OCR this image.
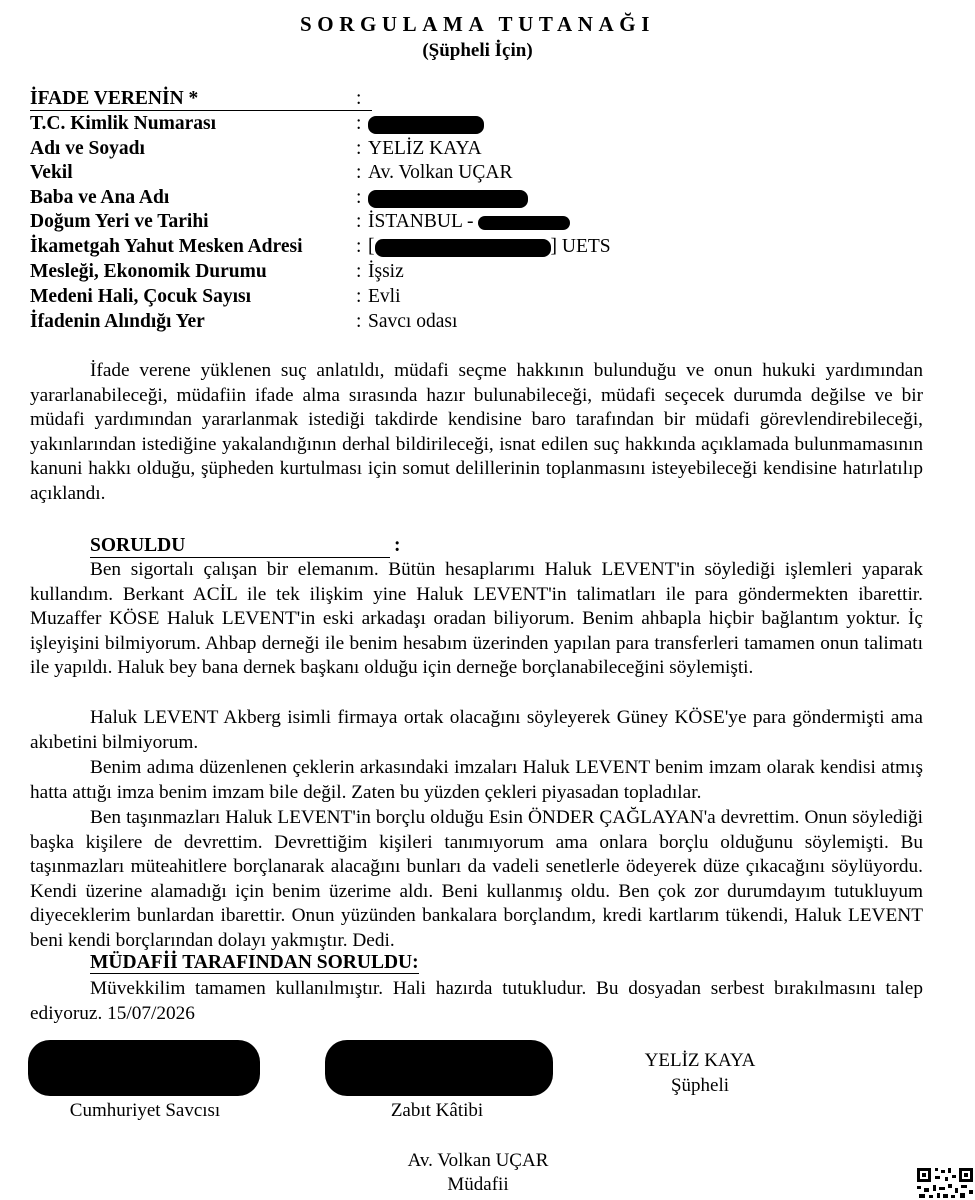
SORGULAMA TUTANAĞI
(Şüpheli İçin)
İFADE VERENİN *	:
T.C. Kimlik Numarası	:
Adı ve Soyadı	: YELİZ KAYA
Vekil	: Av. Volkan UÇAR
Baba ve Ana Adı	:
Doğum Yeri ve Tarihi	: İSTANBUL -
İkametgah Yahut Mesken Adresi	: [	] UETS
Mesleği, Ekonomik Durumu	: İşsiz
Medeni Hali, Çocuk Sayısı	: Evli
İfadenin Alındığı Yer	: Savcı odası
İfade verene yüklenen suç anlatıldı, müdafi seçme hakkının bulunduğu ve onun hukuki yardımından yararlanabileceği, müdafiin ifade alma sırasında hazır bulunabileceği, müdafi seçecek durumda değilse ve bir müdafi yardımından yararlanmak istediği takdirde kendisine baro tarafından bir müdafi görevlendirebileceği, yakınlarından istediğine yakalandığının derhal bildirileceği, isnat edilen suç hakkında açıklamada bulunmamasının kanuni hakkı olduğu, şüpheden kurtulması için somut delillerinin toplanmasını isteyebileceği kendisine hatırlatılıp açıklandı.
SORULDU	:
Ben sigortalı çalışan bir elemanım. Bütün hesaplarımı Haluk LEVENT'in söylediği işlemleri yaparak kullandım. Berkant ACİL ile tek ilişkim yine Haluk LEVENT'in talimatları ile para göndermekten ibarettir. Muzaffer KÖSE Haluk LEVENT'in eski arkadaşı oradan biliyorum. Benim ahbapla hiçbir bağlantım yoktur. İç işleyişini bilmiyorum. Ahbap derneği ile benim hesabım üzerinden yapılan para transferleri tamamen onun talimatı ile yapıldı. Haluk bey bana dernek başkanı olduğu için derneğe borçlanabileceğini söylemişti.
Haluk LEVENT Akberg isimli firmaya ortak olacağını söyleyerek Güney KÖSE'ye para göndermişti ama akıbetini bilmiyorum.
Benim adıma düzenlenen çeklerin arkasındaki imzaları Haluk LEVENT benim imzam olarak kendisi atmış hatta attığı imza benim imzam bile değil. Zaten bu yüzden çekleri piyasadan topladılar.
Ben taşınmazları Haluk LEVENT'in borçlu olduğu Esin ÖNDER ÇAĞLAYAN'a devrettim. Onun söylediği başka kişilere de devrettim. Devrettiğim kişileri tanımıyorum ama onlara borçlu olduğunu söylemişti. Bu taşınmazları müteahitlere borçlanarak alacağını bunları da vadeli senetlerle ödeyerek düze çıkacağını söylüyordu. Kendi üzerine alamadığı için benim üzerime aldı. Beni kullanmış oldu. Ben çok zor durumdayım tutukluyum diyeceklerim bunlardan ibarettir. Onun yüzünden bankalara borçlandım, kredi kartlarım tükendi, Haluk LEVENT beni kendi borçlarından dolayı yakmıştır. Dedi.
MÜDAFİİ TARAFINDAN SORULDU:
Müvekkilim tamamen kullanılmıştır. Hali hazırda tutukludur. Bu dosyadan serbest bırakılmasını talep ediyoruz. 15/07/2026
Cumhuriyet Savcısı	Zabıt Kâtibi
YELİZ KAYA
Şüpheli
Av. Volkan UÇAR
Müdafii
